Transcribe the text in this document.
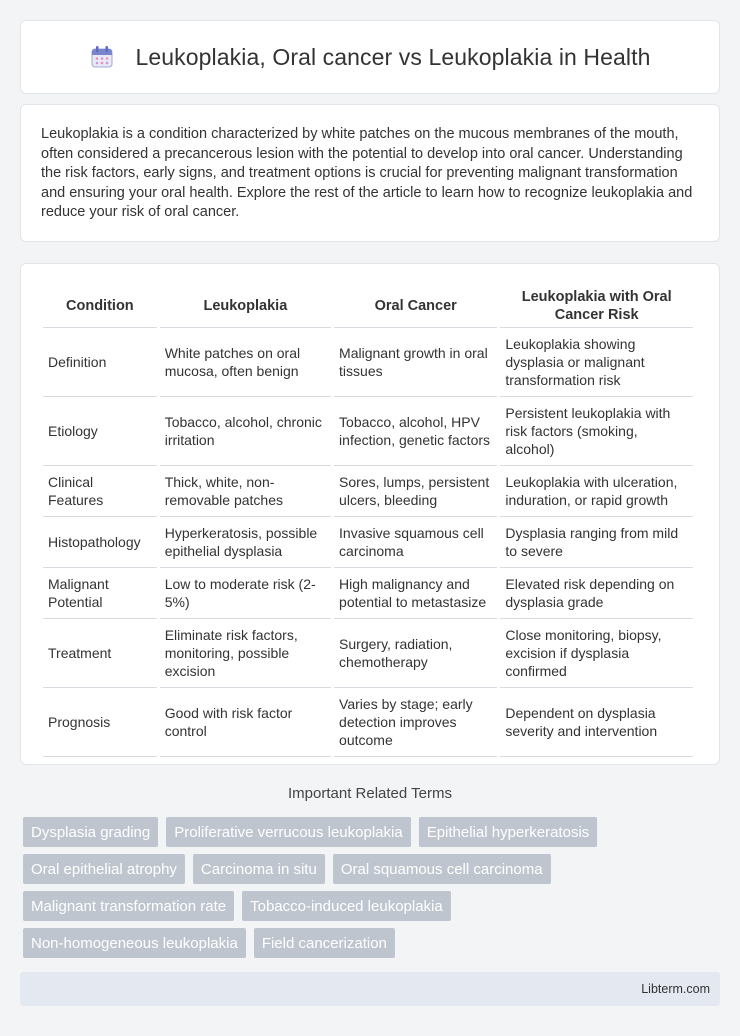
Leukoplakia, Oral cancer vs Leukoplakia in Health

Leukoplakia is a condition characterized by white patches on the mucous membranes of the mouth, often considered a precancerous lesion with the potential to develop into oral cancer. Understanding the risk factors, early signs, and treatment options is crucial for preventing malignant transformation and ensuring your oral health. Explore the rest of the article to learn how to recognize leukoplakia and reduce your risk of oral cancer.

Condition	Leukoplakia	Oral Cancer	Leukoplakia with Oral Cancer Risk
Definition	White patches on oral mucosa, often benign	Malignant growth in oral tissues	Leukoplakia showing dysplasia or malignant transformation risk
Etiology	Tobacco, alcohol, chronic irritation	Tobacco, alcohol, HPV infection, genetic factors	Persistent leukoplakia with risk factors (smoking, alcohol)
Clinical Features	Thick, white, non-removable patches	Sores, lumps, persistent ulcers, bleeding	Leukoplakia with ulceration, induration, or rapid growth
Histopathology	Hyperkeratosis, possible epithelial dysplasia	Invasive squamous cell carcinoma	Dysplasia ranging from mild to severe
Malignant Potential	Low to moderate risk (2-5%)	High malignancy and potential to metastasize	Elevated risk depending on dysplasia grade
Treatment	Eliminate risk factors, monitoring, possible excision	Surgery, radiation, chemotherapy	Close monitoring, biopsy, excision if dysplasia confirmed
Prognosis	Good with risk factor control	Varies by stage; early detection improves outcome	Dependent on dysplasia severity and intervention
Important Related Terms
Dysplasia grading	Proliferative verrucous leukoplakia	Epithelial hyperkeratosis
Oral epithelial atrophy	Carcinoma in situ	Oral squamous cell carcinoma
Malignant transformation rate	Tobacco-induced leukoplakia
Non-homogeneous leukoplakia	Field cancerization
Libterm.com
